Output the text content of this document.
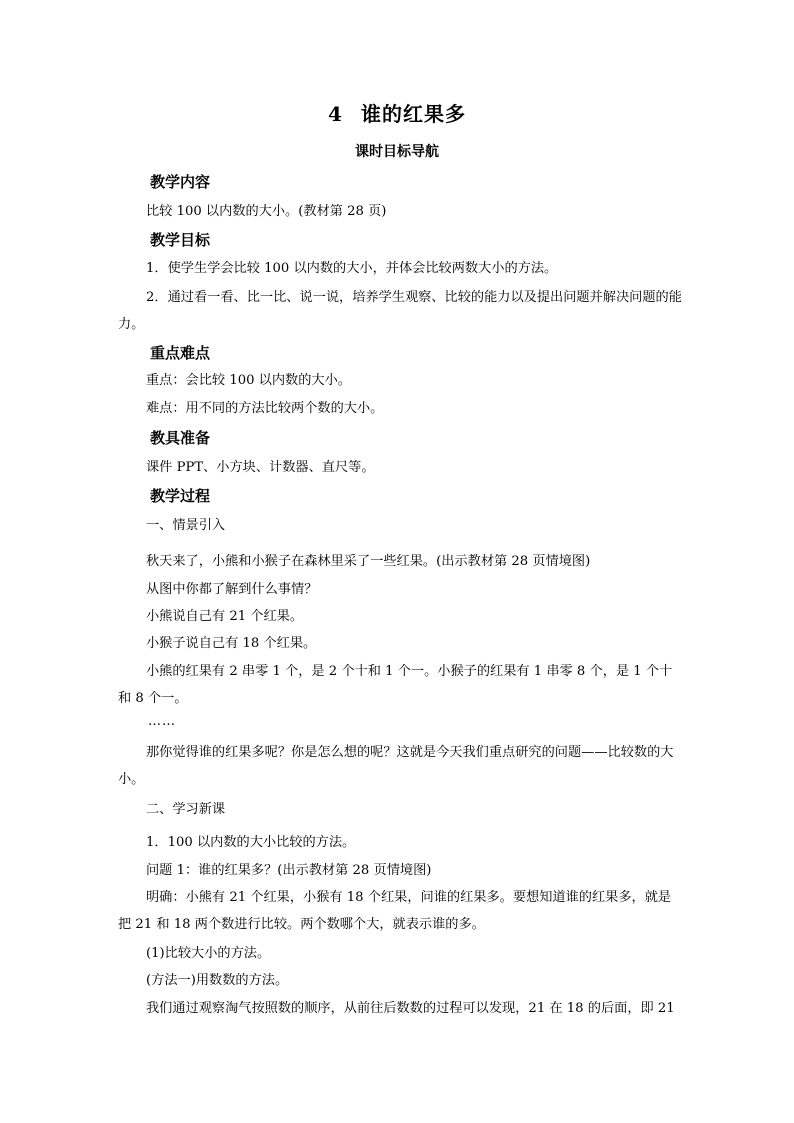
4 谁的红果多
课时目标导航
教学内容
比较 100 以内数的大小。(教材第 28 页)
教学目标
1．使学生学会比较 100 以内数的大小，并体会比较两数大小的方法。
2．通过看一看、比一比、说一说，培养学生观察、比较的能力以及提出问题并解决问题的能力。
重点难点
重点：会比较 100 以内数的大小。
难点：用不同的方法比较两个数的大小。
教具准备
课件 PPT、小方块、计数器、直尺等。
教学过程
一、情景引入
秋天来了，小熊和小猴子在森林里采了一些红果。(出示教材第 28 页情境图)
从图中你都了解到什么事情？
小熊说自己有 21 个红果。
小猴子说自己有 18 个红果。
小熊的红果有 2 串零 1 个，是 2 个十和 1 个一。小猴子的红果有 1 串零 8 个，是 1 个十和 8 个一。
……
那你觉得谁的红果多呢？你是怎么想的呢？这就是今天我们重点研究的问题——比较数的大小。
二、学习新课
1．100 以内数的大小比较的方法。
问题 1：谁的红果多？(出示教材第 28 页情境图)
明确：小熊有 21 个红果，小猴有 18 个红果，问谁的红果多。要想知道谁的红果多，就是把 21 和 18 两个数进行比较。两个数哪个大，就表示谁的多。
(1)比较大小的方法。
(方法一)用数数的方法。
我们通过观察淘气按照数的顺序，从前往后数数的过程可以发现，21 在 18 的后面，即 21
